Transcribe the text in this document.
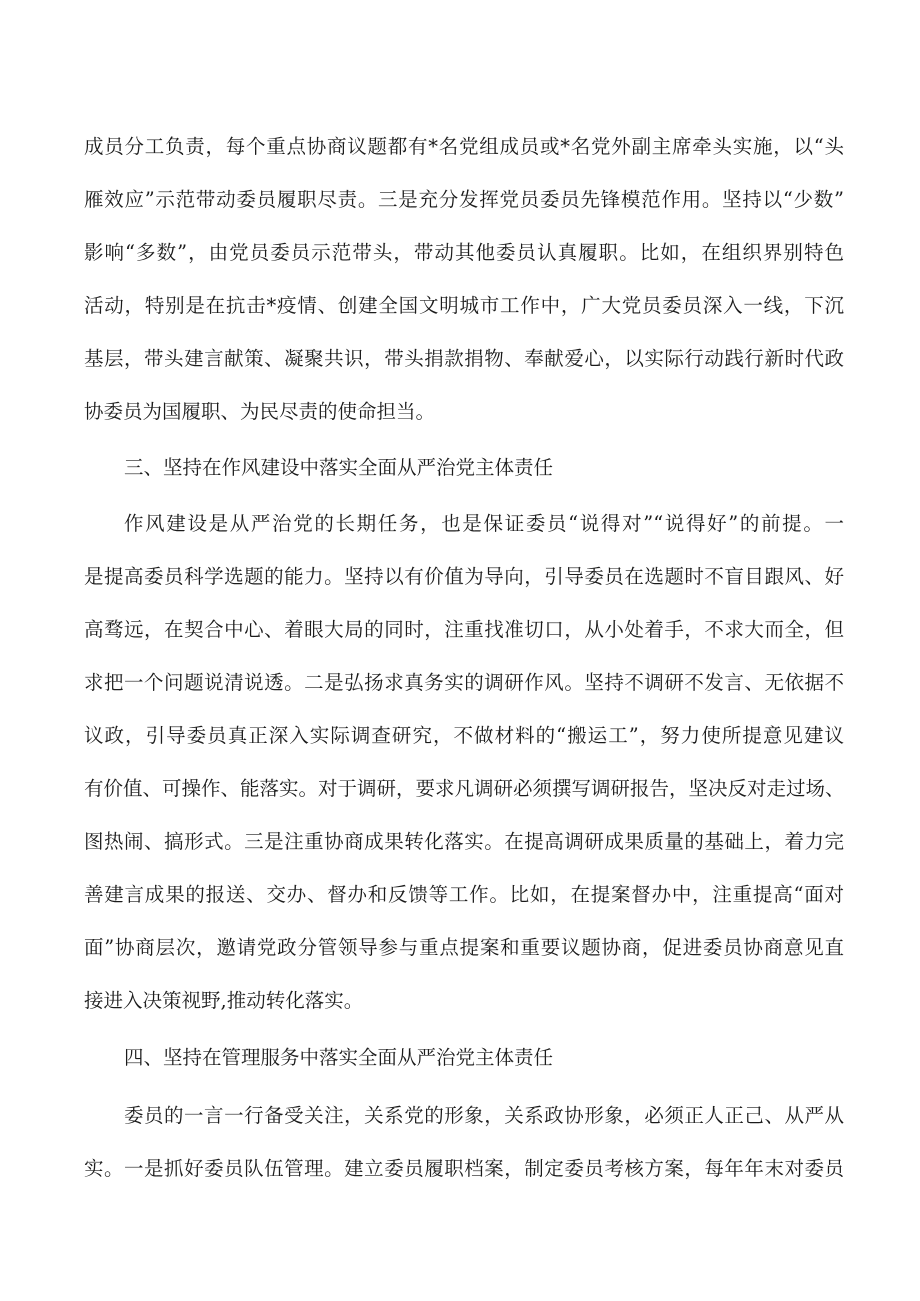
成员分工负责，每个重点协商议题都有*名党组成员或*名党外副主席牵头实施，以“头
雁效应”示范带动委员履职尽责。三是充分发挥党员委员先锋模范作用。坚持以“少数”
影响“多数”，由党员委员示范带头，带动其他委员认真履职。比如，在组织界别特色
活动，特别是在抗击*疫情、创建全国文明城市工作中，广大党员委员深入一线，下沉
基层，带头建言献策、凝聚共识，带头捐款捐物、奉献爱心，以实际行动践行新时代政
协委员为国履职、为民尽责的使命担当。
三、坚持在作风建设中落实全面从严治党主体责任
作风建设是从严治党的长期任务，也是保证委员“说得对”“说得好”的前提。一
是提高委员科学选题的能力。坚持以有价值为导向，引导委员在选题时不盲目跟风、好
高骛远，在契合中心、着眼大局的同时，注重找准切口，从小处着手，不求大而全，但
求把一个问题说清说透。二是弘扬求真务实的调研作风。坚持不调研不发言、无依据不
议政，引导委员真正深入实际调查研究，不做材料的“搬运工”，努力使所提意见建议
有价值、可操作、能落实。对于调研，要求凡调研必须撰写调研报告，坚决反对走过场、
图热闹、搞形式。三是注重协商成果转化落实。在提高调研成果质量的基础上，着力完
善建言成果的报送、交办、督办和反馈等工作。比如，在提案督办中，注重提高“面对
面”协商层次，邀请党政分管领导参与重点提案和重要议题协商，促进委员协商意见直
接进入决策视野,推动转化落实。
四、坚持在管理服务中落实全面从严治党主体责任
委员的一言一行备受关注，关系党的形象，关系政协形象，必须正人正己、从严从
实。一是抓好委员队伍管理。建立委员履职档案，制定委员考核方案，每年年末对委员
